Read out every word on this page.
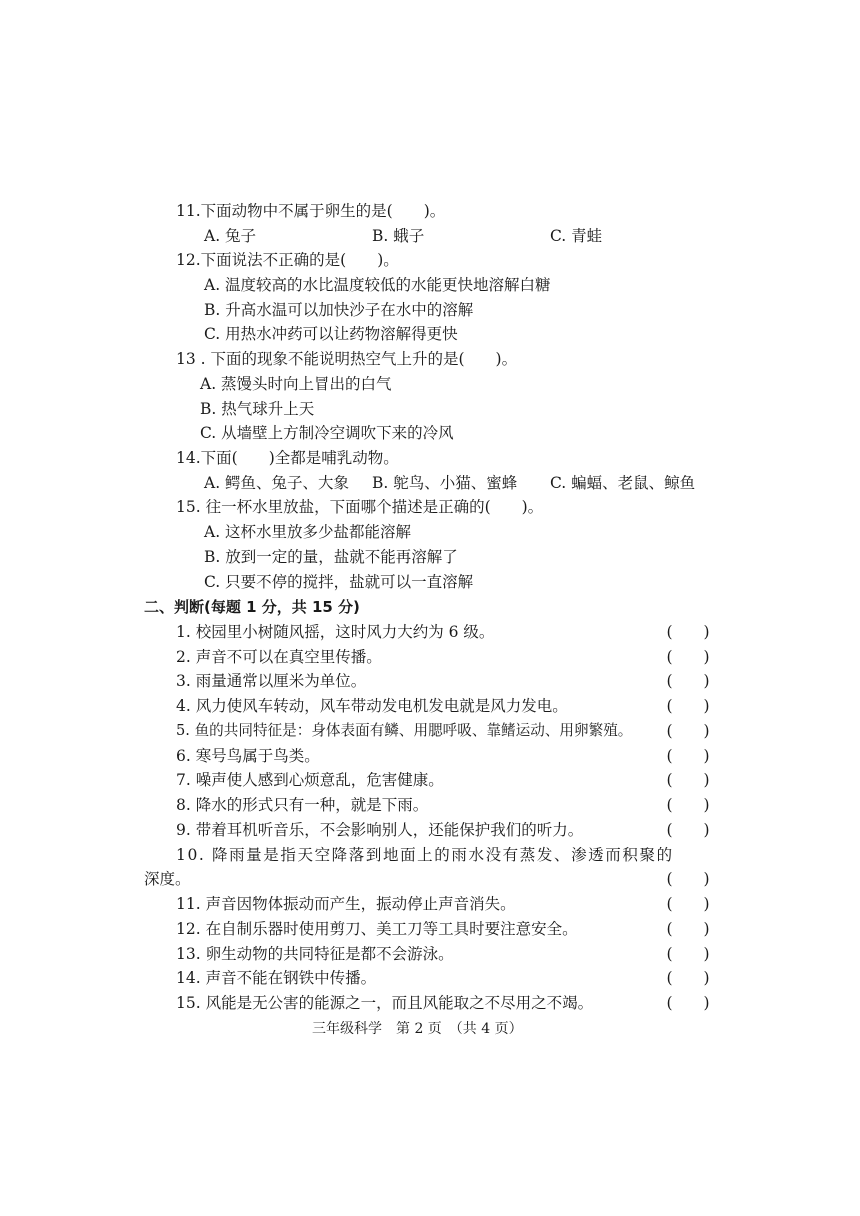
11.下面动物中不属于卵生的是(　　)。
A. 兔子	B. 蛾子	C. 青蛙
12.下面说法不正确的是(　　)。
A. 温度较高的水比温度较低的水能更快地溶解白糖
B. 升高水温可以加快沙子在水中的溶解
C. 用热水冲药可以让药物溶解得更快
13 . 下面的现象不能说明热空气上升的是(　　)。
A. 蒸馒头时向上冒出的白气
B. 热气球升上天
C. 从墙壁上方制冷空调吹下来的冷风
14.下面(　　)全都是哺乳动物。
A. 鳄鱼、兔子、大象 B. 鸵鸟、小猫、蜜蜂 C. 蝙蝠、老鼠、鲸鱼
15. 往一杯水里放盐，下面哪个描述是正确的(　　)。
A. 这杯水里放多少盐都能溶解
B. 放到一定的量，盐就不能再溶解了
C. 只要不停的搅拌，盐就可以一直溶解
二、判断(每题 1 分，共 15 分)
1. 校园里小树随风摇，这时风力大约为 6 级。	(　　)
2. 声音不可以在真空里传播。	(　　)
3. 雨量通常以厘米为单位。	(　　)
4. 风力使风车转动，风车带动发电机发电就是风力发电。	(　　)
5. 鱼的共同特征是：身体表面有鳞、用腮呼吸、靠鳍运动、用卵繁殖。 (　　)
6. 寒号鸟属于鸟类。	(　　)
7. 噪声使人感到心烦意乱，危害健康。	(　　)
8. 降水的形式只有一种，就是下雨。	(　　)
9. 带着耳机听音乐，不会影响别人，还能保护我们的听力。	(　　)
10. 降雨量是指天空降落到地面上的雨水没有蒸发、渗透而积聚的
深度。	(　　)
11. 声音因物体振动而产生，振动停止声音消失。	(　　)
12. 在自制乐器时使用剪刀、美工刀等工具时要注意安全。	(　　)
13. 卵生动物的共同特征是都不会游泳。	(　　)
14. 声音不能在钢铁中传播。	(　　)
15. 风能是无公害的能源之一，而且风能取之不尽用之不竭。	(　　)
三年级科学　第 2 页　（共 4 页）
